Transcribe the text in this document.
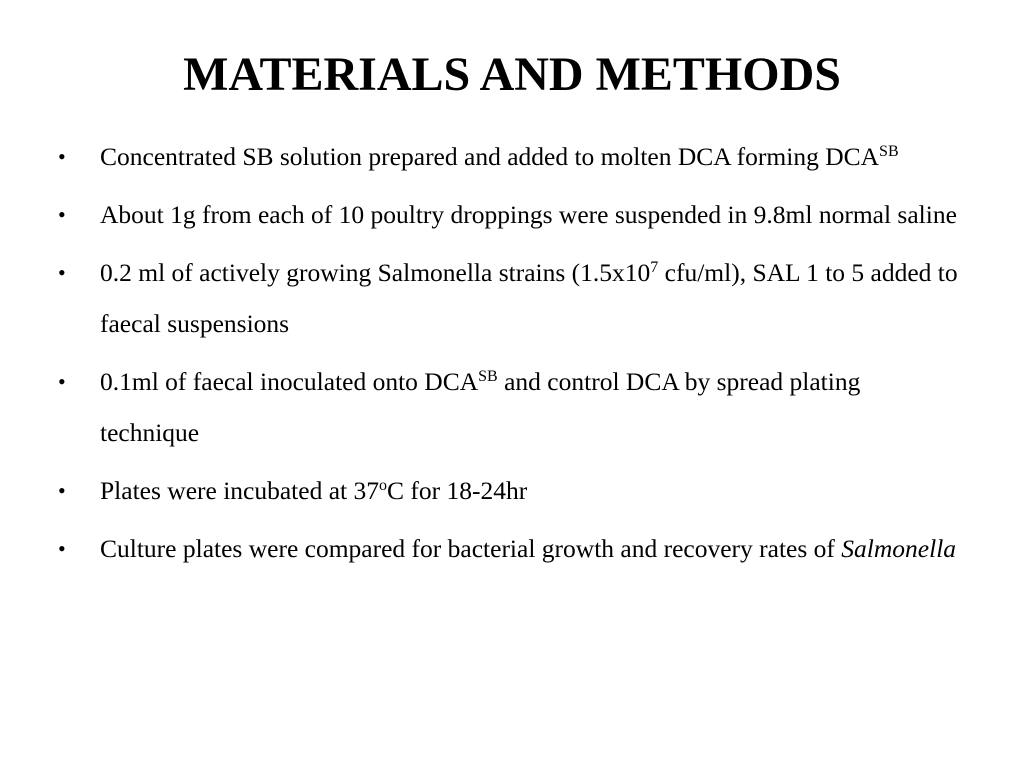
MATERIALS AND METHODS
• Concentrated SB solution prepared and added to molten DCA forming $DCA^{SB}$
• About 1g from each of 10 poultry droppings were suspended in 9.8ml normal saline
• 0.2 ml of actively growing Salmonella strains ($1.5x10^7$ cfu/ml), SAL 1 to 5 added to faecal suspensions
• 0.1ml of faecal inoculated onto $DCA^{SB}$ and control DCA by spread plating technique
• Plates were incubated at 37$^o$C for 18-24hr
• Culture plates were compared for bacterial growth and recovery rates of Salmonella
